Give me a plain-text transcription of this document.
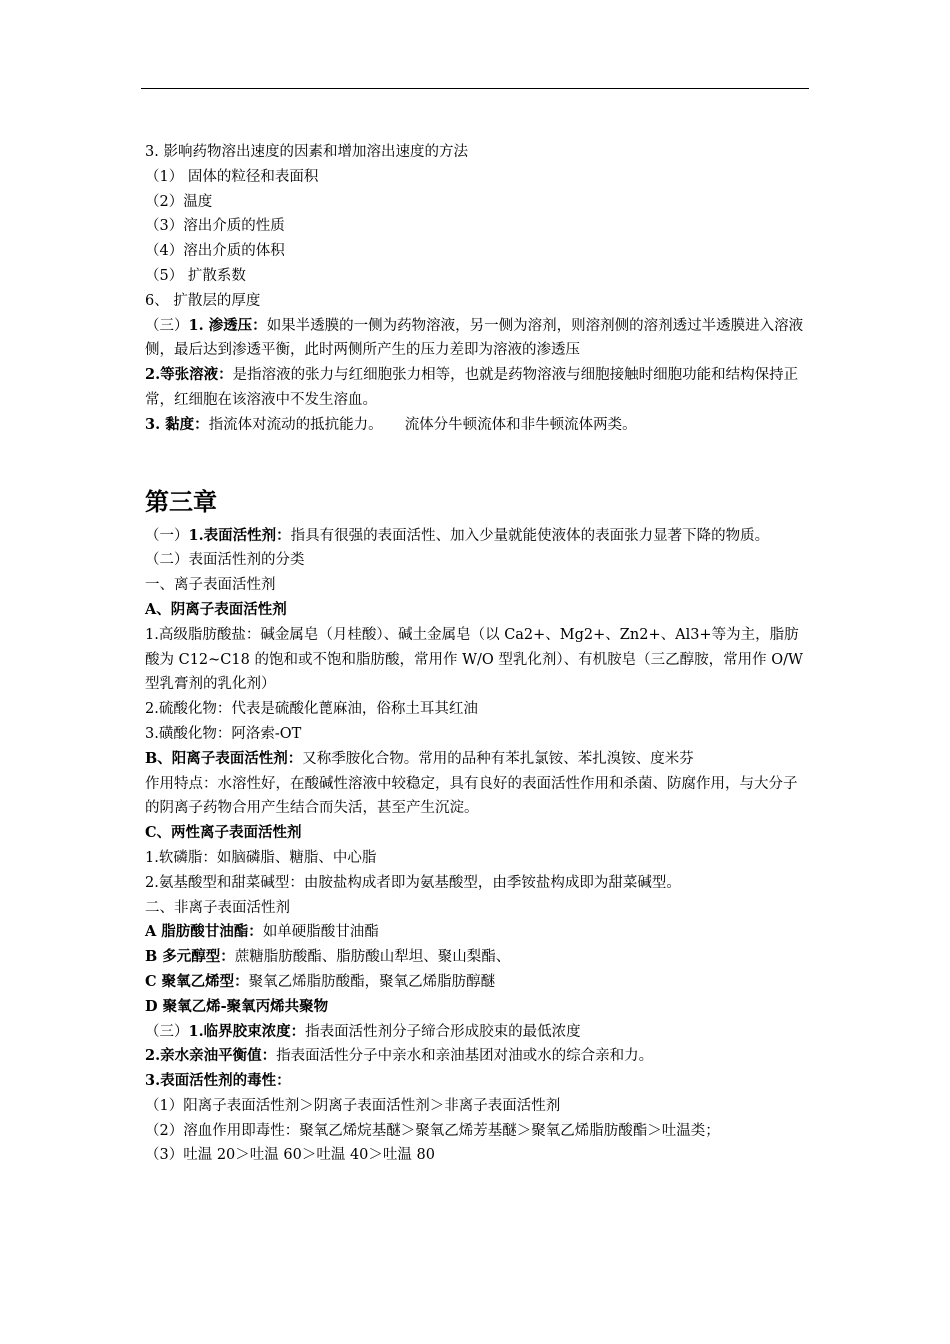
3. 影响药物溶出速度的因素和增加溶出速度的方法
（1） 固体的粒径和表面积
（2）温度
（3）溶出介质的性质
（4）溶出介质的体积
（5） 扩散系数
6、 扩散层的厚度
（三）1. 渗透压：如果半透膜的一侧为药物溶液，另一侧为溶剂，则溶剂侧的溶剂透过半透膜进入溶液侧，最后达到渗透平衡，此时两侧所产生的压力差即为溶液的渗透压
2.等张溶液：是指溶液的张力与红细胞张力相等，也就是药物溶液与细胞接触时细胞功能和结构保持正常，红细胞在该溶液中不发生溶血。
3. 黏度：指流体对流动的抵抗能力。 流体分牛顿流体和非牛顿流体两类。
第三章
（一）1.表面活性剂：指具有很强的表面活性、加入少量就能使液体的表面张力显著下降的物质。
（二）表面活性剂的分类
一、离子表面活性剂
A、阴离子表面活性剂
1.高级脂肪酸盐：碱金属皂（月桂酸）、碱土金属皂（以 Ca2+、Mg2+、Zn2+、Al3+等为主，脂肪酸为 C12~C18 的饱和或不饱和脂肪酸，常用作 W/O 型乳化剂）、有机胺皂（三乙醇胺，常用作 O/W 型乳膏剂的乳化剂）
2.硫酸化物：代表是硫酸化蓖麻油，俗称土耳其红油
3.磺酸化物：阿洛索-OT
B、阳离子表面活性剂：又称季胺化合物。常用的品种有苯扎氯铵、苯扎溴铵、度米芬
作用特点：水溶性好，在酸碱性溶液中较稳定，具有良好的表面活性作用和杀菌、防腐作用，与大分子的阴离子药物合用产生结合而失活，甚至产生沉淀。
C、两性离子表面活性剂
1.软磷脂：如脑磷脂、糖脂、中心脂
2.氨基酸型和甜菜碱型：由胺盐构成者即为氨基酸型，由季铵盐构成即为甜菜碱型。
二、非离子表面活性剂
A 脂肪酸甘油酯：如单硬脂酸甘油酯
B 多元醇型：蔗糖脂肪酸酯、脂肪酸山犁坦、聚山梨酯、
C 聚氧乙烯型：聚氧乙烯脂肪酸酯，聚氧乙烯脂肪醇醚
D 聚氧乙烯-聚氧丙烯共聚物
（三）1.临界胶束浓度：指表面活性剂分子缔合形成胶束的最低浓度
2.亲水亲油平衡值：指表面活性分子中亲水和亲油基团对油或水的综合亲和力。
3.表面活性剂的毒性：
（1）阳离子表面活性剂＞阴离子表面活性剂＞非离子表面活性剂
（2）溶血作用即毒性：聚氧乙烯烷基醚＞聚氧乙烯芳基醚＞聚氧乙烯脂肪酸酯＞吐温类；
（3）吐温 20＞吐温 60＞吐温 40＞吐温 80
